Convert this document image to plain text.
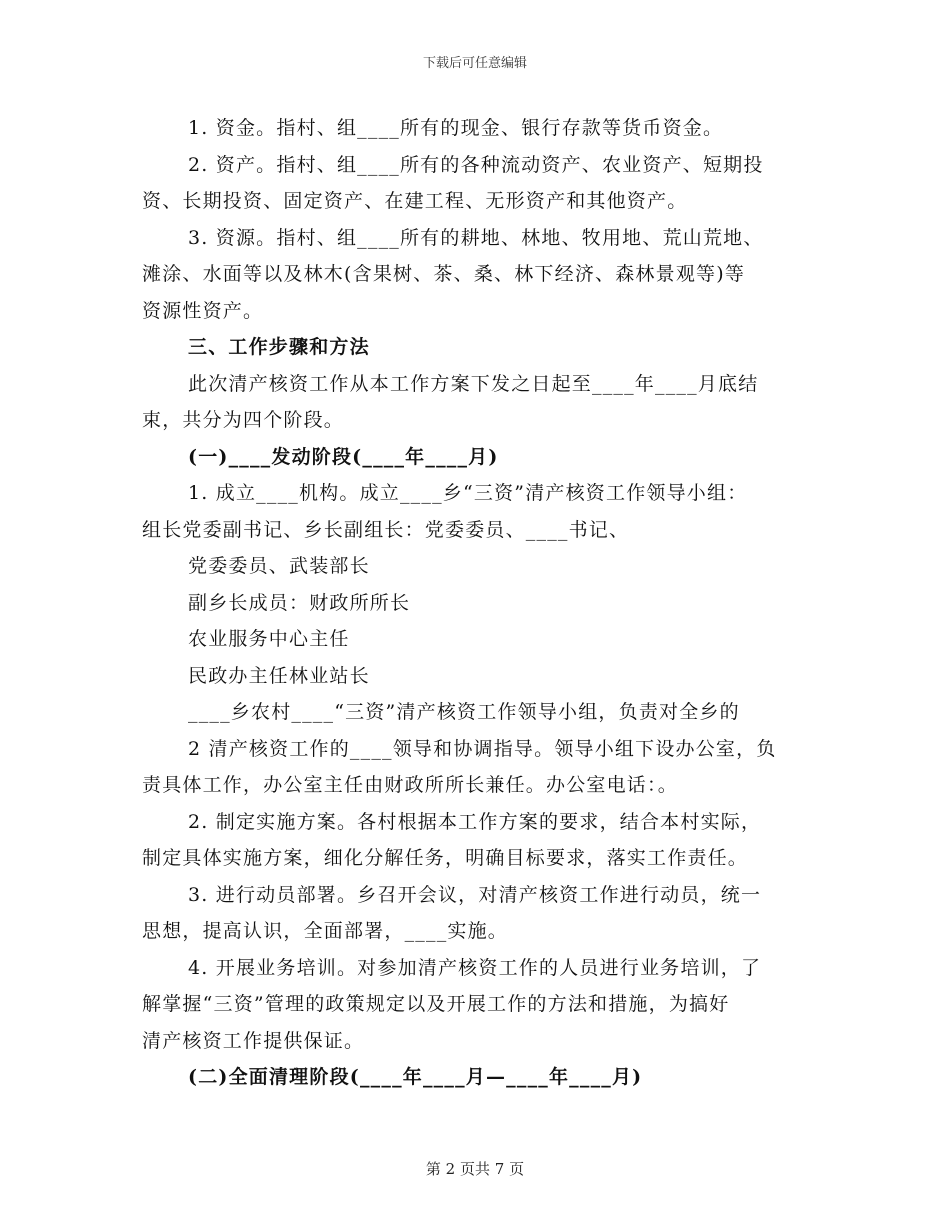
下载后可任意编辑
1. 资金。指村、组____所有的现金、银行存款等货币资金。
2. 资产。指村、组____所有的各种流动资产、农业资产、短期投
资、长期投资、固定资产、在建工程、无形资产和其他资产。
3. 资源。指村、组____所有的耕地、林地、牧用地、荒山荒地、
滩涂、水面等以及林木(含果树、茶、桑、林下经济、森林景观等)等
资源性资产。
三、工作步骤和方法
此次清产核资工作从本工作方案下发之日起至____年____月底结
束，共分为四个阶段。
(一)____发动阶段(____年____月)
1. 成立____机构。成立____乡“三资”清产核资工作领导小组：
组长党委副书记、乡长副组长：党委委员、____书记、
党委委员、武装部长
副乡长成员：财政所所长
农业服务中心主任
民政办主任林业站长
____乡农村____“三资”清产核资工作领导小组，负责对全乡的
2 清产核资工作的____领导和协调指导。领导小组下设办公室，负
责具体工作，办公室主任由财政所所长兼任。办公室电话：。
2. 制定实施方案。各村根据本工作方案的要求，结合本村实际，
制定具体实施方案，细化分解任务，明确目标要求，落实工作责任。
3. 进行动员部署。乡召开会议，对清产核资工作进行动员，统一
思想，提高认识，全面部署，____实施。
4. 开展业务培训。对参加清产核资工作的人员进行业务培训，了
解掌握“三资”管理的政策规定以及开展工作的方法和措施，为搞好
清产核资工作提供保证。
(二)全面清理阶段(____年____月—____年____月)
第 2 页共 7 页
